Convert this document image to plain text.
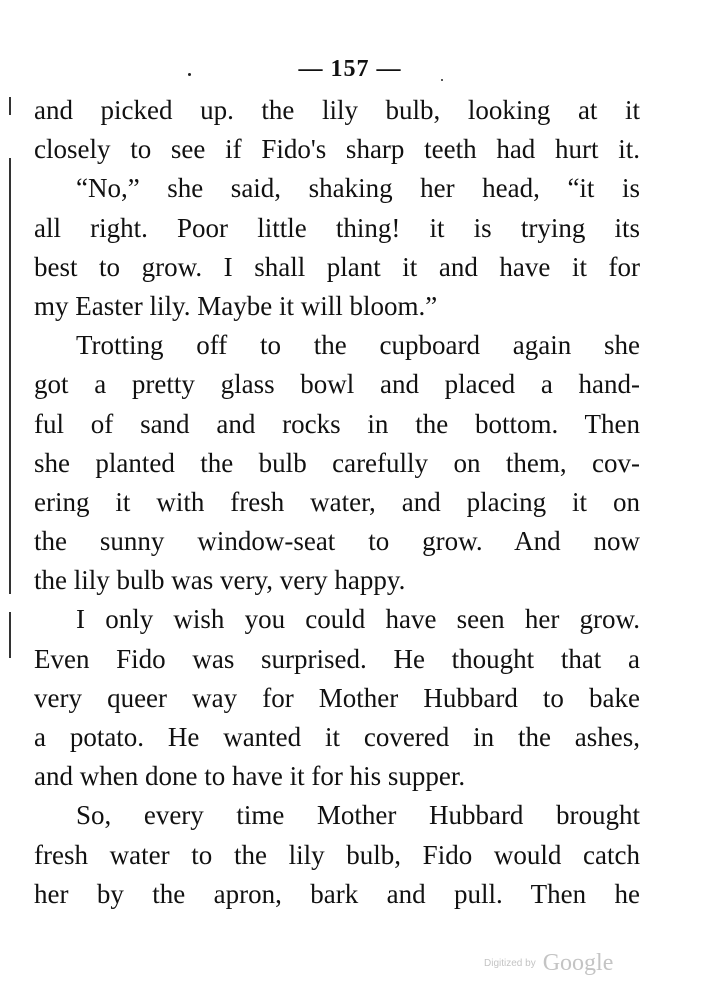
— 157 —
and picked up. the lily bulb, looking at it
closely to see if Fido's sharp teeth had hurt it.
“No,” she said, shaking her head, “it is
all right. Poor little thing! it is trying its
best to grow. I shall plant it and have it for
my Easter lily. Maybe it will bloom.”
Trotting off to the cupboard again she
got a pretty glass bowl and placed a hand-
ful of sand and rocks in the bottom. Then
she planted the bulb carefully on them, cov-
ering it with fresh water, and placing it on
the sunny window-seat to grow. And now
the lily bulb was very, very happy.
I only wish you could have seen her grow.
Even Fido was surprised. He thought that a
very queer way for Mother Hubbard to bake
a potato. He wanted it covered in the ashes,
and when done to have it for his supper.
So, every time Mother Hubbard brought
fresh water to the lily bulb, Fido would catch
her by the apron, bark and pull. Then he
Digitized by Google
